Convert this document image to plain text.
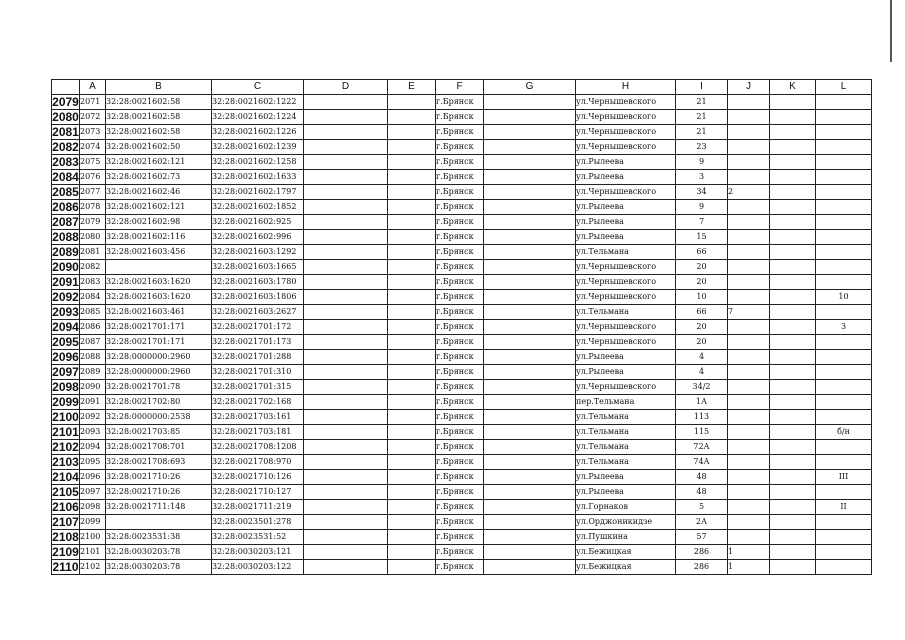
	A	B	C	D	E	F	G	H	I	J	K	L
2079	2071	32:28:0021602:58	32:28:0021602:1222			г.Брянск		ул.Чернышевского	21			
2080	2072	32:28:0021602:58	32:28:0021602:1224			г.Брянск		ул.Чернышевского	21			
2081	2073	32:28:0021602:58	32:28:0021602:1226			г.Брянск		ул.Чернышевского	21			
2082	2074	32:28:0021602:50	32:28:0021602:1239			г.Брянск		ул.Чернышевского	23			
2083	2075	32:28:0021602:121	32:28:0021602:1258			г.Брянск		ул.Рылеева	9			
2084	2076	32:28:0021602:73	32:28:0021602:1633			г.Брянск		ул.Рылеева	3			
2085	2077	32:28:0021602:46	32:28:0021602:1797			г.Брянск		ул.Чернышевского	34	2		
2086	2078	32:28:0021602:121	32:28:0021602:1852			г.Брянск		ул.Рылеева	9			
2087	2079	32:28:0021602:98	32:28:0021602:925			г.Брянск		ул.Рылеева	7			
2088	2080	32:28:0021602:116	32:28:0021602:996			г.Брянск		ул.Рылеева	15			
2089	2081	32:28:0021603:456	32:28:0021603:1292			г.Брянск		ул.Тельмана	66			
2090	2082		32:28:0021603:1665			г.Брянск		ул.Чернышевского	20			
2091	2083	32:28:0021603:1620	32:28:0021603:1780			г.Брянск		ул.Чернышевского	20			
2092	2084	32:28:0021603:1620	32:28:0021603:1806			г.Брянск		ул.Чернышевского	10			10
2093	2085	32:28:0021603:461	32:28:0021603:2627			г.Брянск		ул.Тельмана	66	7		
2094	2086	32:28:0021701:171	32:28:0021701:172			г.Брянск		ул.Чернышевского	20			3
2095	2087	32:28:0021701:171	32:28:0021701:173			г.Брянск		ул.Чернышевского	20			
2096	2088	32:28:0000000:2960	32:28:0021701:288			г.Брянск		ул.Рылеева	4			
2097	2089	32:28:0000000:2960	32:28:0021701:310			г.Брянск		ул.Рылеева	4			
2098	2090	32:28:0021701:78	32:28:0021701:315			г.Брянск		ул.Чернышевского	34/2			
2099	2091	32:28:0021702:80	32:28:0021702:168			г.Брянск		пер.Тельмана	1А			
2100	2092	32:28:0000000:2538	32:28:0021703:161			г.Брянск		ул.Тельмана	113			
2101	2093	32:28:0021703:85	32:28:0021703:181			г.Брянск		ул.Тельмана	115			б/н
2102	2094	32:28:0021708:701	32:28:0021708:1208			г.Брянск		ул.Тельмана	72А			
2103	2095	32:28:0021708:693	32:28:0021708:970			г.Брянск		ул.Тельмана	74А			
2104	2096	32:28:0021710:26	32:28:0021710:126			г.Брянск		ул.Рылеева	48			III
2105	2097	32:28:0021710:26	32:28:0021710:127			г.Брянск		ул.Рылеева	48			
2106	2098	32:28:0021711:148	32:28:0021711:219			г.Брянск		ул.Горнаков	5			II
2107	2099		32:28:0023501:278			г.Брянск		ул.Орджоникидзе	2А			
2108	2100	32:28:0023531:38	32:28:0023531:52			г.Брянск		ул.Пушкина	57			
2109	2101	32:28:0030203:78	32:28:0030203:121			г.Брянск		ул.Бежицкая	286	1		
2110	2102	32:28:0030203:78	32:28:0030203:122			г.Брянск		ул.Бежицкая	286	1		
